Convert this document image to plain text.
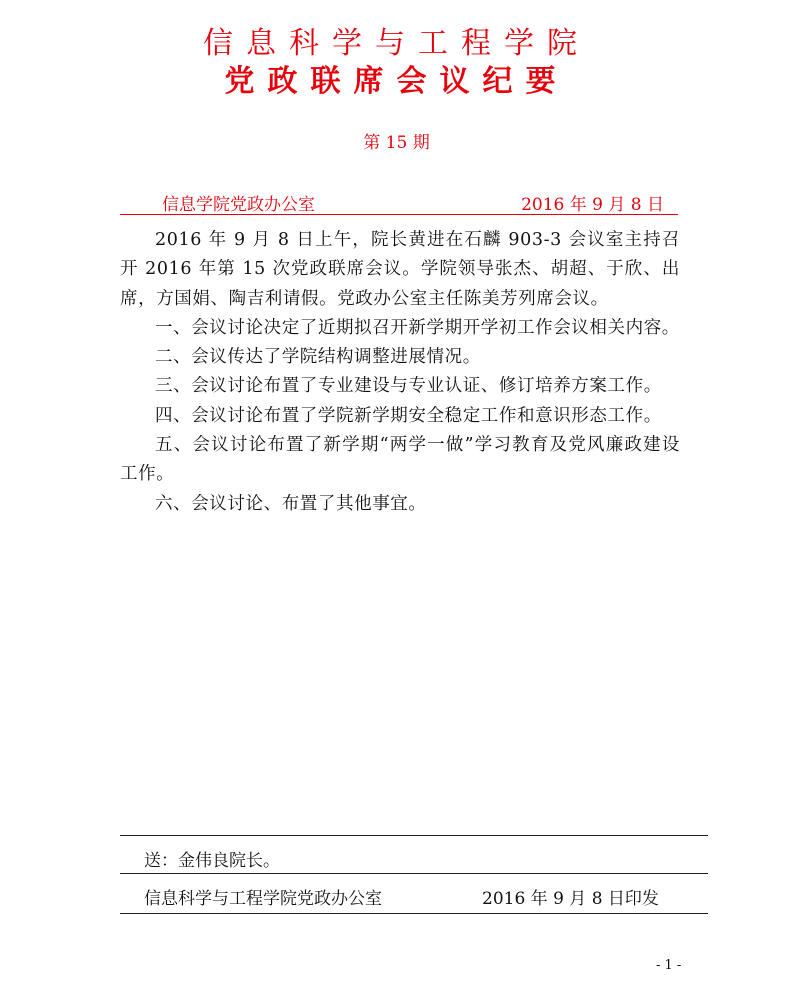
信息科学与工程学院
党政联席会议纪要
第 15 期
信息学院党政办公室	2016 年 9 月 8 日

2016 年 9 月 8 日上午，院长黄进在石麟 903-3 会议室主持召开 2016 年第 15 次党政联席会议。学院领导张杰、胡超、于欣、出席，方国娟、陶吉利请假。党政办公室主任陈美芳列席会议。

一、会议讨论决定了近期拟召开新学期开学初工作会议相关内容。

二、会议传达了学院结构调整进展情况。

三、会议讨论布置了专业建设与专业认证、修订培养方案工作。

四、会议讨论布置了学院新学期安全稳定工作和意识形态工作。

五、会议讨论布置了新学期“两学一做”学习教育及党风廉政建设工作。

六、会议讨论、布置了其他事宜。

送：金伟良院长。
信息科学与工程学院党政办公室	2016 年 9 月 8 日印发
- 1 -
